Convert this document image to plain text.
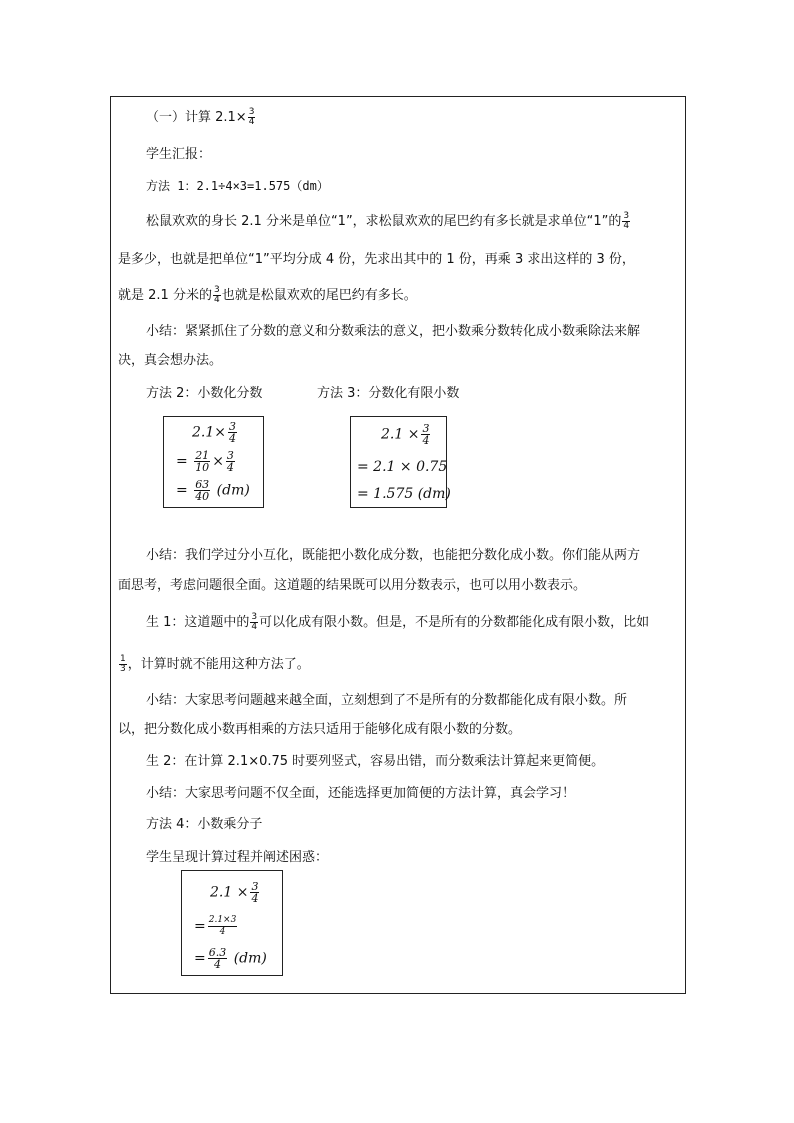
（一）计算 $2.1\times \frac{3}{4}$
学生汇报：
方法 1：2.1÷4×3=1.575（dm）
松鼠欢欢的身长 2.1 分米是单位“1”，求松鼠欢欢的尾巴约有多长就是求单位“1”的 $\frac{3}{4}$
是多少，也就是把单位“1”平均分成 4 份，先求出其中的 1 份，再乘 3 求出这样的 3 份，
就是 2.1 分米的 $\frac{3}{4}$ 也就是松鼠欢欢的尾巴约有多长。
小结：紧紧抓住了分数的意义和分数乘法的意义，把小数乘分数转化成小数乘除法来解
决，真会想办法。
方法 2：小数化分数	方法 3：分数化有限小数
$2.1\times \frac{3}{4}$
= $\frac{21}{10} \times \frac{3}{4}$
= $\frac{63}{40} (dm)$
$2.1 \times \frac{3}{4}$
= 2.1 × 0.75
= 1.575 (dm)
小结：我们学过分小互化，既能把小数化成分数，也能把分数化成小数。你们能从两方
面思考，考虑问题很全面。这道题的结果既可以用分数表示，也可以用小数表示。
生 1：这道题中的 $\frac{3}{4}$ 可以化成有限小数。但是，不是所有的分数都能化成有限小数，比如
$\frac{1}{3}$ ，计算时就不能用这种方法了。
小结：大家思考问题越来越全面，立刻想到了不是所有的分数都能化成有限小数。所
以，把分数化成小数再相乘的方法只适用于能够化成有限小数的分数。
生 2：在计算 2.1×0.75 时要列竖式，容易出错，而分数乘法计算起来更简便。
小结：大家思考问题不仅全面，还能选择更加简便的方法计算，真会学习！
方法 4：小数乘分子
学生呈现计算过程并阐述困惑：
$2.1 \times \frac{3}{4}$
= $\frac{2.1\times 3}{4}$
= $\frac{6.3}{4} (dm)$
